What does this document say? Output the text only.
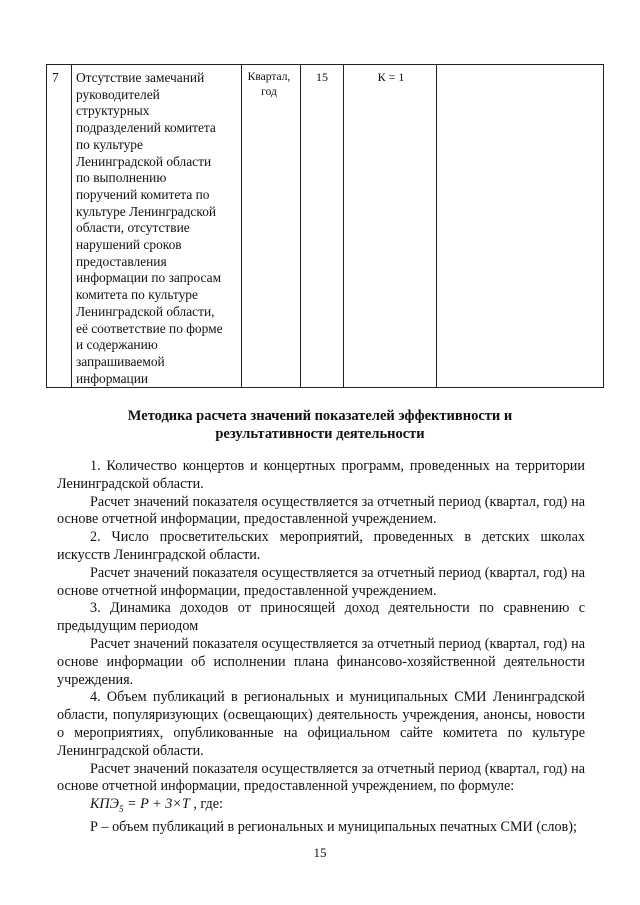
7	Отсутствие замечаний
руководителей
структурных
подразделений комитета
по культуре
Ленинградской области
по выполнению
поручений комитета по
культуре Ленинградской
области, отсутствие
нарушений сроков
предоставления
информации по запросам
комитета по культуре
Ленинградской области,
её соответствие по форме
и содержанию
запрашиваемой
информации
Квартал,
год
15	К = 1
Методика расчета значений показателей эффективности и
результативности деятельности

1. Количество концертов и концертных программ, проведенных на территории Ленинградской области.

Расчет значений показателя осуществляется за отчетный период (квартал, год) на основе отчетной информации, предоставленной учреждением.

2. Число просветительских мероприятий, проведенных в детских школах искусств Ленинградской области.

Расчет значений показателя осуществляется за отчетный период (квартал, год) на основе отчетной информации, предоставленной учреждением.

3. Динамика доходов от приносящей доход деятельности по сравнению с предыдущим периодом

Расчет значений показателя осуществляется за отчетный период (квартал, год) на основе информации об исполнении плана финансово-хозяйственной деятельности учреждения.

4. Объем публикаций в региональных и муниципальных СМИ Ленинградской области, популяризующих (освещающих) деятельность учреждения, анонсы, новости о мероприятиях, опубликованные на официальном сайте комитета по культуре Ленинградской области.

Расчет значений показателя осуществляется за отчетный период (квартал, год) на основе отчетной информации, предоставленной учреждением, по формуле:

$КПЭ_5 = P + 3\times T$ , где:

Р – объем публикаций в региональных и муниципальных печатных СМИ (слов);

15
